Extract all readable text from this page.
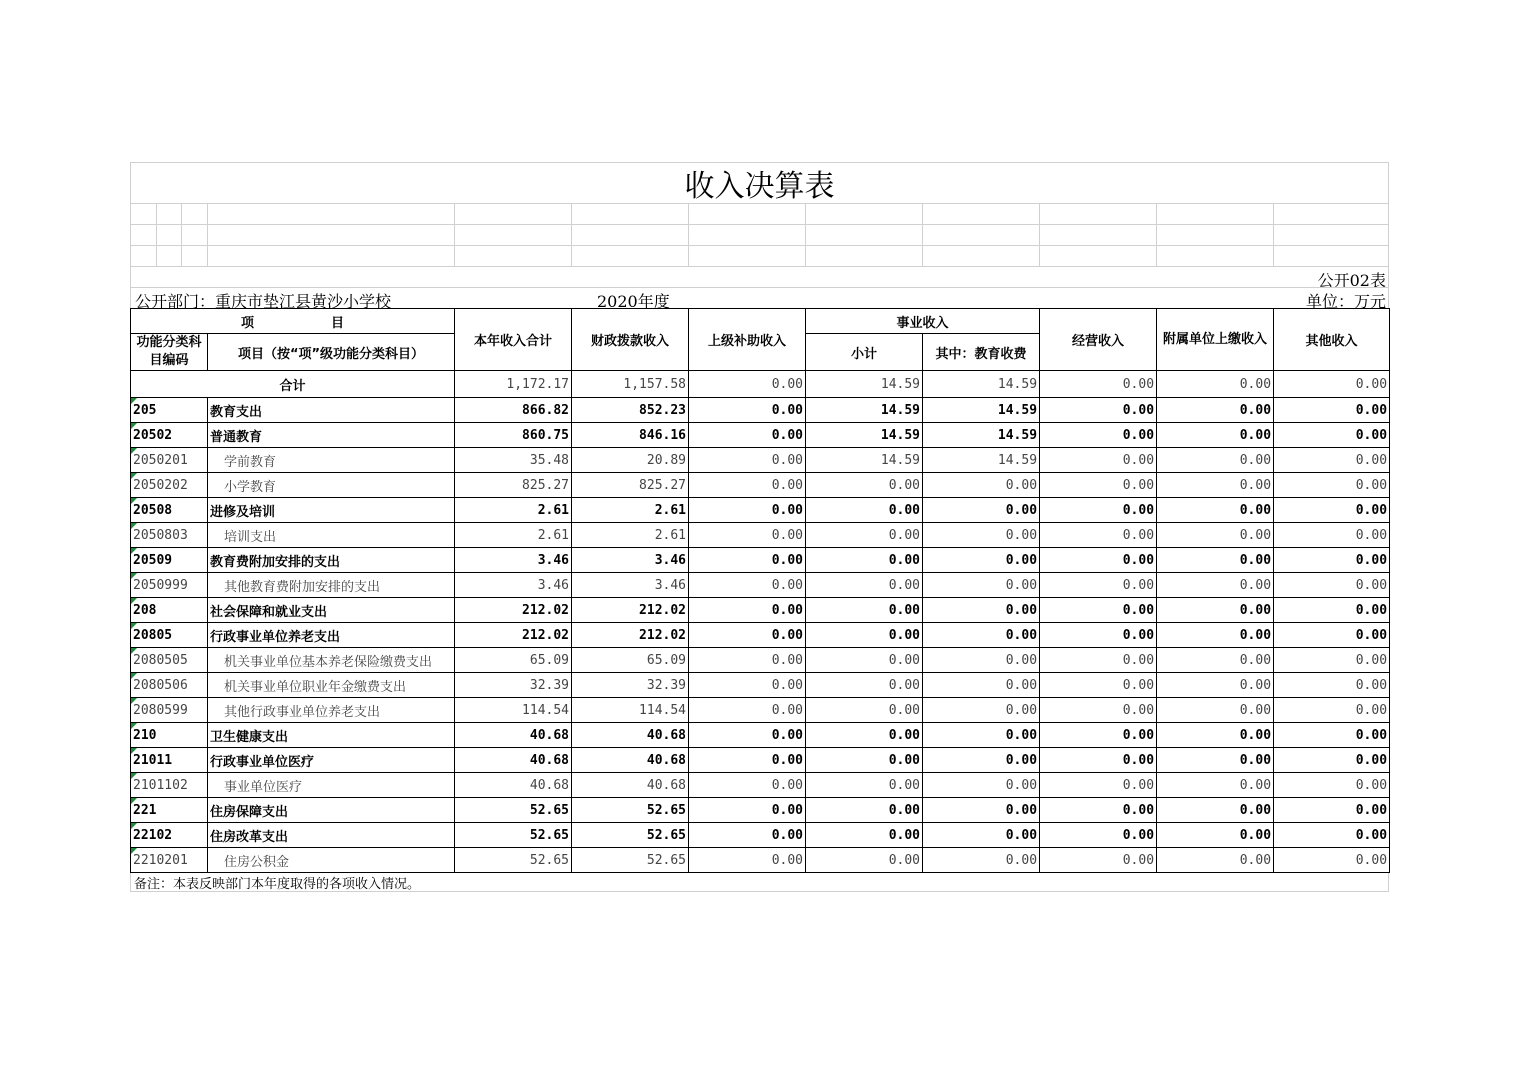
收入决算表
公开02表
公开部门：重庆市垫江县黄沙小学校	2020年度	单位：万元
项                 目		本年收入合计	财政拨款收入	上级补助收入	事业收入		经营收入	附属单位上缴收入	其他收入
功能分类科目编码	项目（按“项”级功能分类科目）								
					小计	其中：教育收费			
合计		1,172.17	1,157.58	0.00	14.59	14.59	0.00	0.00	0.00
205	教育支出	866.82	852.23	0.00	14.59	14.59	0.00	0.00	0.00
20502	普通教育	860.75	846.16	0.00	14.59	14.59	0.00	0.00	0.00
2050201	学前教育	35.48	20.89	0.00	14.59	14.59	0.00	0.00	0.00
2050202	小学教育	825.27	825.27	0.00	0.00	0.00	0.00	0.00	0.00
20508	进修及培训	2.61	2.61	0.00	0.00	0.00	0.00	0.00	0.00
2050803	培训支出	2.61	2.61	0.00	0.00	0.00	0.00	0.00	0.00
20509	教育费附加安排的支出	3.46	3.46	0.00	0.00	0.00	0.00	0.00	0.00
2050999	其他教育费附加安排的支出	3.46	3.46	0.00	0.00	0.00	0.00	0.00	0.00
208	社会保障和就业支出	212.02	212.02	0.00	0.00	0.00	0.00	0.00	0.00
20805	行政事业单位养老支出	212.02	212.02	0.00	0.00	0.00	0.00	0.00	0.00
2080505	机关事业单位基本养老保险缴费支出	65.09	65.09	0.00	0.00	0.00	0.00	0.00	0.00
2080506	机关事业单位职业年金缴费支出	32.39	32.39	0.00	0.00	0.00	0.00	0.00	0.00
2080599	其他行政事业单位养老支出	114.54	114.54	0.00	0.00	0.00	0.00	0.00	0.00
210	卫生健康支出	40.68	40.68	0.00	0.00	0.00	0.00	0.00	0.00
21011	行政事业单位医疗	40.68	40.68	0.00	0.00	0.00	0.00	0.00	0.00
2101102	事业单位医疗	40.68	40.68	0.00	0.00	0.00	0.00	0.00	0.00
221	住房保障支出	52.65	52.65	0.00	0.00	0.00	0.00	0.00	0.00
22102	住房改革支出	52.65	52.65	0.00	0.00	0.00	0.00	0.00	0.00
2210201	住房公积金	52.65	52.65	0.00	0.00	0.00	0.00	0.00	0.00
备注：本表反映部门本年度取得的各项收入情况。
